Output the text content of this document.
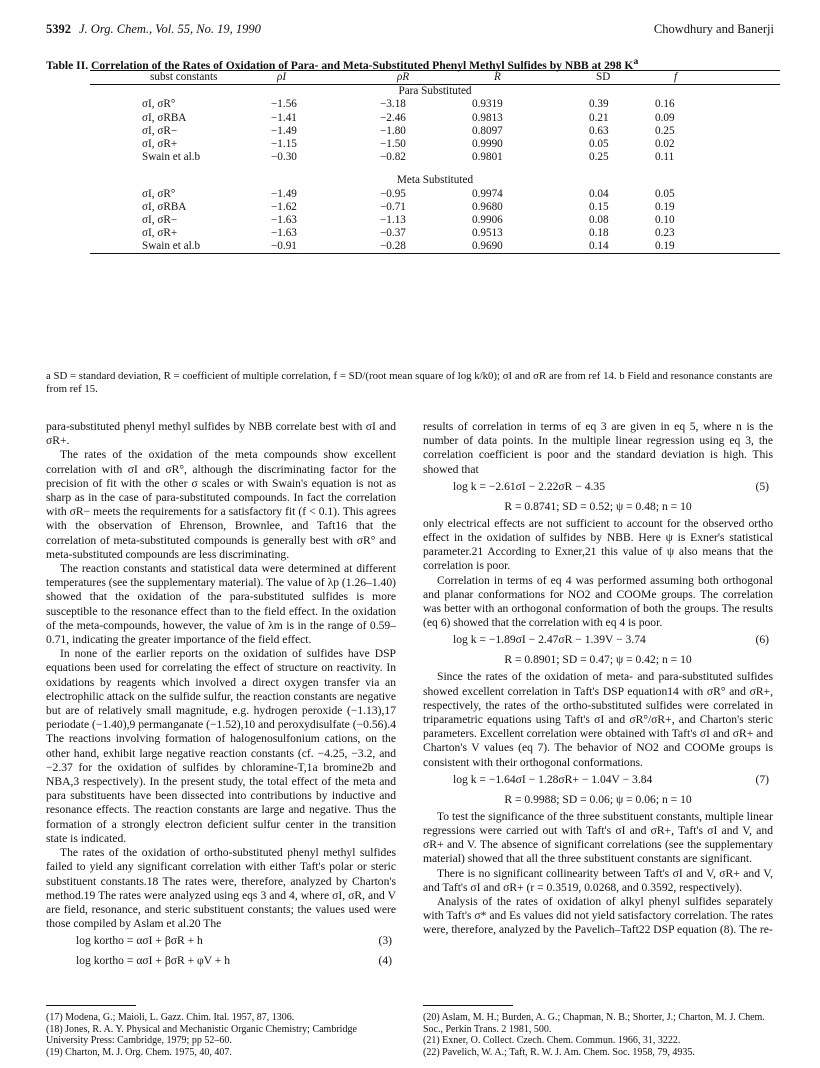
5392 J. Org. Chem., Vol. 55, No. 19, 1990	Chowdhury and Banerji
Table II. Correlation of the Rates of Oxidation of Para- and Meta-Substituted Phenyl Methyl Sulfides by NBB at 298 $K^a$
subst constants	ρI	ρR	R	SD	f
Para Substituted
σI, σR°	−1.56	−3.18	0.9319	0.39	0.16
σI, σRBA	−1.41	−2.46	0.9813	0.21	0.09
σI, σR−	−1.49	−1.80	0.8097	0.63	0.25
σI, σR+	−1.15	−1.50	0.9990	0.05	0.02
Swain et al.b	−0.30	−0.82	0.9801	0.25	0.11
Meta Substituted
σI, σR°	−1.49	−0.95	0.9974	0.04	0.05
σI, σRBA	−1.62	−0.71	0.9680	0.15	0.19
σI, σR−	−1.63	−1.13	0.9906	0.08	0.10
σI, σR+	−1.63	−0.37	0.9513	0.18	0.23
Swain et al.b	−0.91	−0.28	0.9690	0.14	0.19
a SD = standard deviation, R = coefficient of multiple correlation, f = SD/(root mean square of log k/k0); σI and σR are from ref 14. b Field and resonance constants are from ref 15.

para-substituted phenyl methyl sulfides by NBB correlate best with σI and σR+.

The rates of the oxidation of the meta compounds show excellent correlation with σI and σR°, although the discriminating factor for the precision of fit with the other σ scales or with Swain's equation is not as sharp as in the case of para-substituted compounds. In fact the correlation with σR− meets the requirements for a satisfactory fit (f < 0.1). This agrees with the observation of Ehrenson, Brownlee, and Taft16 that the correlation of meta-substituted compounds is generally best with σR° and meta-substituted compounds are less discriminating.

The reaction constants and statistical data were determined at different temperatures (see the supplementary material). The value of λp (1.26–1.40) showed that the oxidation of the para-substituted sulfides is more susceptible to the resonance effect than to the field effect. In the oxidation of the meta-compounds, however, the value of λm is in the range of 0.59–0.71, indicating the greater importance of the field effect.

In none of the earlier reports on the oxidation of sulfides have DSP equations been used for correlating the effect of structure on reactivity. In oxidations by reagents which involved a direct oxygen transfer via an electrophilic attack on the sulfide sulfur, the reaction constants are negative but are of relatively small magnitude, e.g. hydrogen peroxide (−1.13),17 periodate (−1.40),9 permanganate (−1.52),10 and peroxydisulfate (−0.56).4 The reactions involving formation of halogenosulfonium cations, on the other hand, exhibit large negative reaction constants (cf. −4.25, −3.2, and −2.37 for the oxidation of sulfides by chloramine-T,1a bromine2b and NBA,3 respectively). In the present study, the total effect of the meta and para substituents have been dissected into contributions by inductive and resonance effects. The reaction constants are large and negative. Thus the formation of a strongly electron deficient sulfur center in the transition state is indicated.

The rates of the oxidation of ortho-substituted phenyl methyl sulfides failed to yield any significant correlation with either Taft's polar or steric substituent constants.18 The rates were, therefore, analyzed by Charton's method.19 The rates were analyzed using eqs 3 and 4, where σI, σR, and V are field, resonance, and steric substituent constants; the values used were those compiled by Aslam et al.20 The

log kortho = ασI + βσR + h	(3)
log kortho = ασI + βσR + φV + h	(4)

results of correlation in terms of eq 3 are given in eq 5, where n is the number of data points. In the multiple linear regression using eq 3, the correlation coefficient is poor and the standard deviation is high. This showed that

log k = −2.61σI − 2.22σR − 4.35	(5)
R = 0.8741; SD = 0.52; ψ = 0.48; n = 10

only electrical effects are not sufficient to account for the observed ortho effect in the oxidation of sulfides by NBB. Here ψ is Exner's statistical parameter.21 According to Exner,21 this value of ψ also means that the correlation is poor.

Correlation in terms of eq 4 was performed assuming both orthogonal and planar conformations for NO2 and COOMe groups. The correlation was better with an orthogonal conformation of both the groups. The results (eq 6) showed that the correlation with eq 4 is poor.

log k = −1.89σI − 2.47σR − 1.39V − 3.74	(6)
R = 0.8901; SD = 0.47; ψ = 0.42; n = 10

Since the rates of the oxidation of meta- and para-substituted sulfides showed excellent correlation in Taft's DSP equation14 with σR° and σR+, respectively, the rates of the ortho-substituted sulfides were correlated in triparametric equations using Taft's σI and σR°/σR+, and Charton's steric parameters. Excellent correlation were obtained with Taft's σI and σR+ and Charton's V values (eq 7). The behavior of NO2 and COOMe groups is consistent with their orthogonal conformations.

log k = −1.64σI − 1.28σR+ − 1.04V − 3.84	(7)
R = 0.9988; SD = 0.06; ψ = 0.06; n = 10

To test the significance of the three substituent constants, multiple linear regressions were carried out with Taft's σI and σR+, Taft's σI and V, and σR+ and V. The absence of significant correlations (see the supplementary material) showed that all the three substituent constants are significant.

There is no significant collinearity between Taft's σI and V, σR+ and V, and Taft's σI and σR+ (r = 0.3519, 0.0268, and 0.3592, respectively).

Analysis of the rates of oxidation of alkyl phenyl sulfides separately with Taft's σ* and Es values did not yield satisfactory correlation. The rates were, therefore, analyzed by the Pavelich–Taft22 DSP equation (8). The re-

(17) Modena, G.; Maioli, L. Gazz. Chim. Ital. 1957, 87, 1306.
(18) Jones, R. A. Y. Physical and Mechanistic Organic Chemistry; Cambridge University Press: Cambridge, 1979; pp 52–60.
(19) Charton, M. J. Org. Chem. 1975, 40, 407.
(20) Aslam, M. H.; Burden, A. G.; Chapman, N. B.; Shorter, J.; Charton, M. J. Chem. Soc., Perkin Trans. 2 1981, 500.
(21) Exner, O. Collect. Czech. Chem. Commun. 1966, 31, 3222.
(22) Pavelich, W. A.; Taft, R. W. J. Am. Chem. Soc. 1958, 79, 4935.
